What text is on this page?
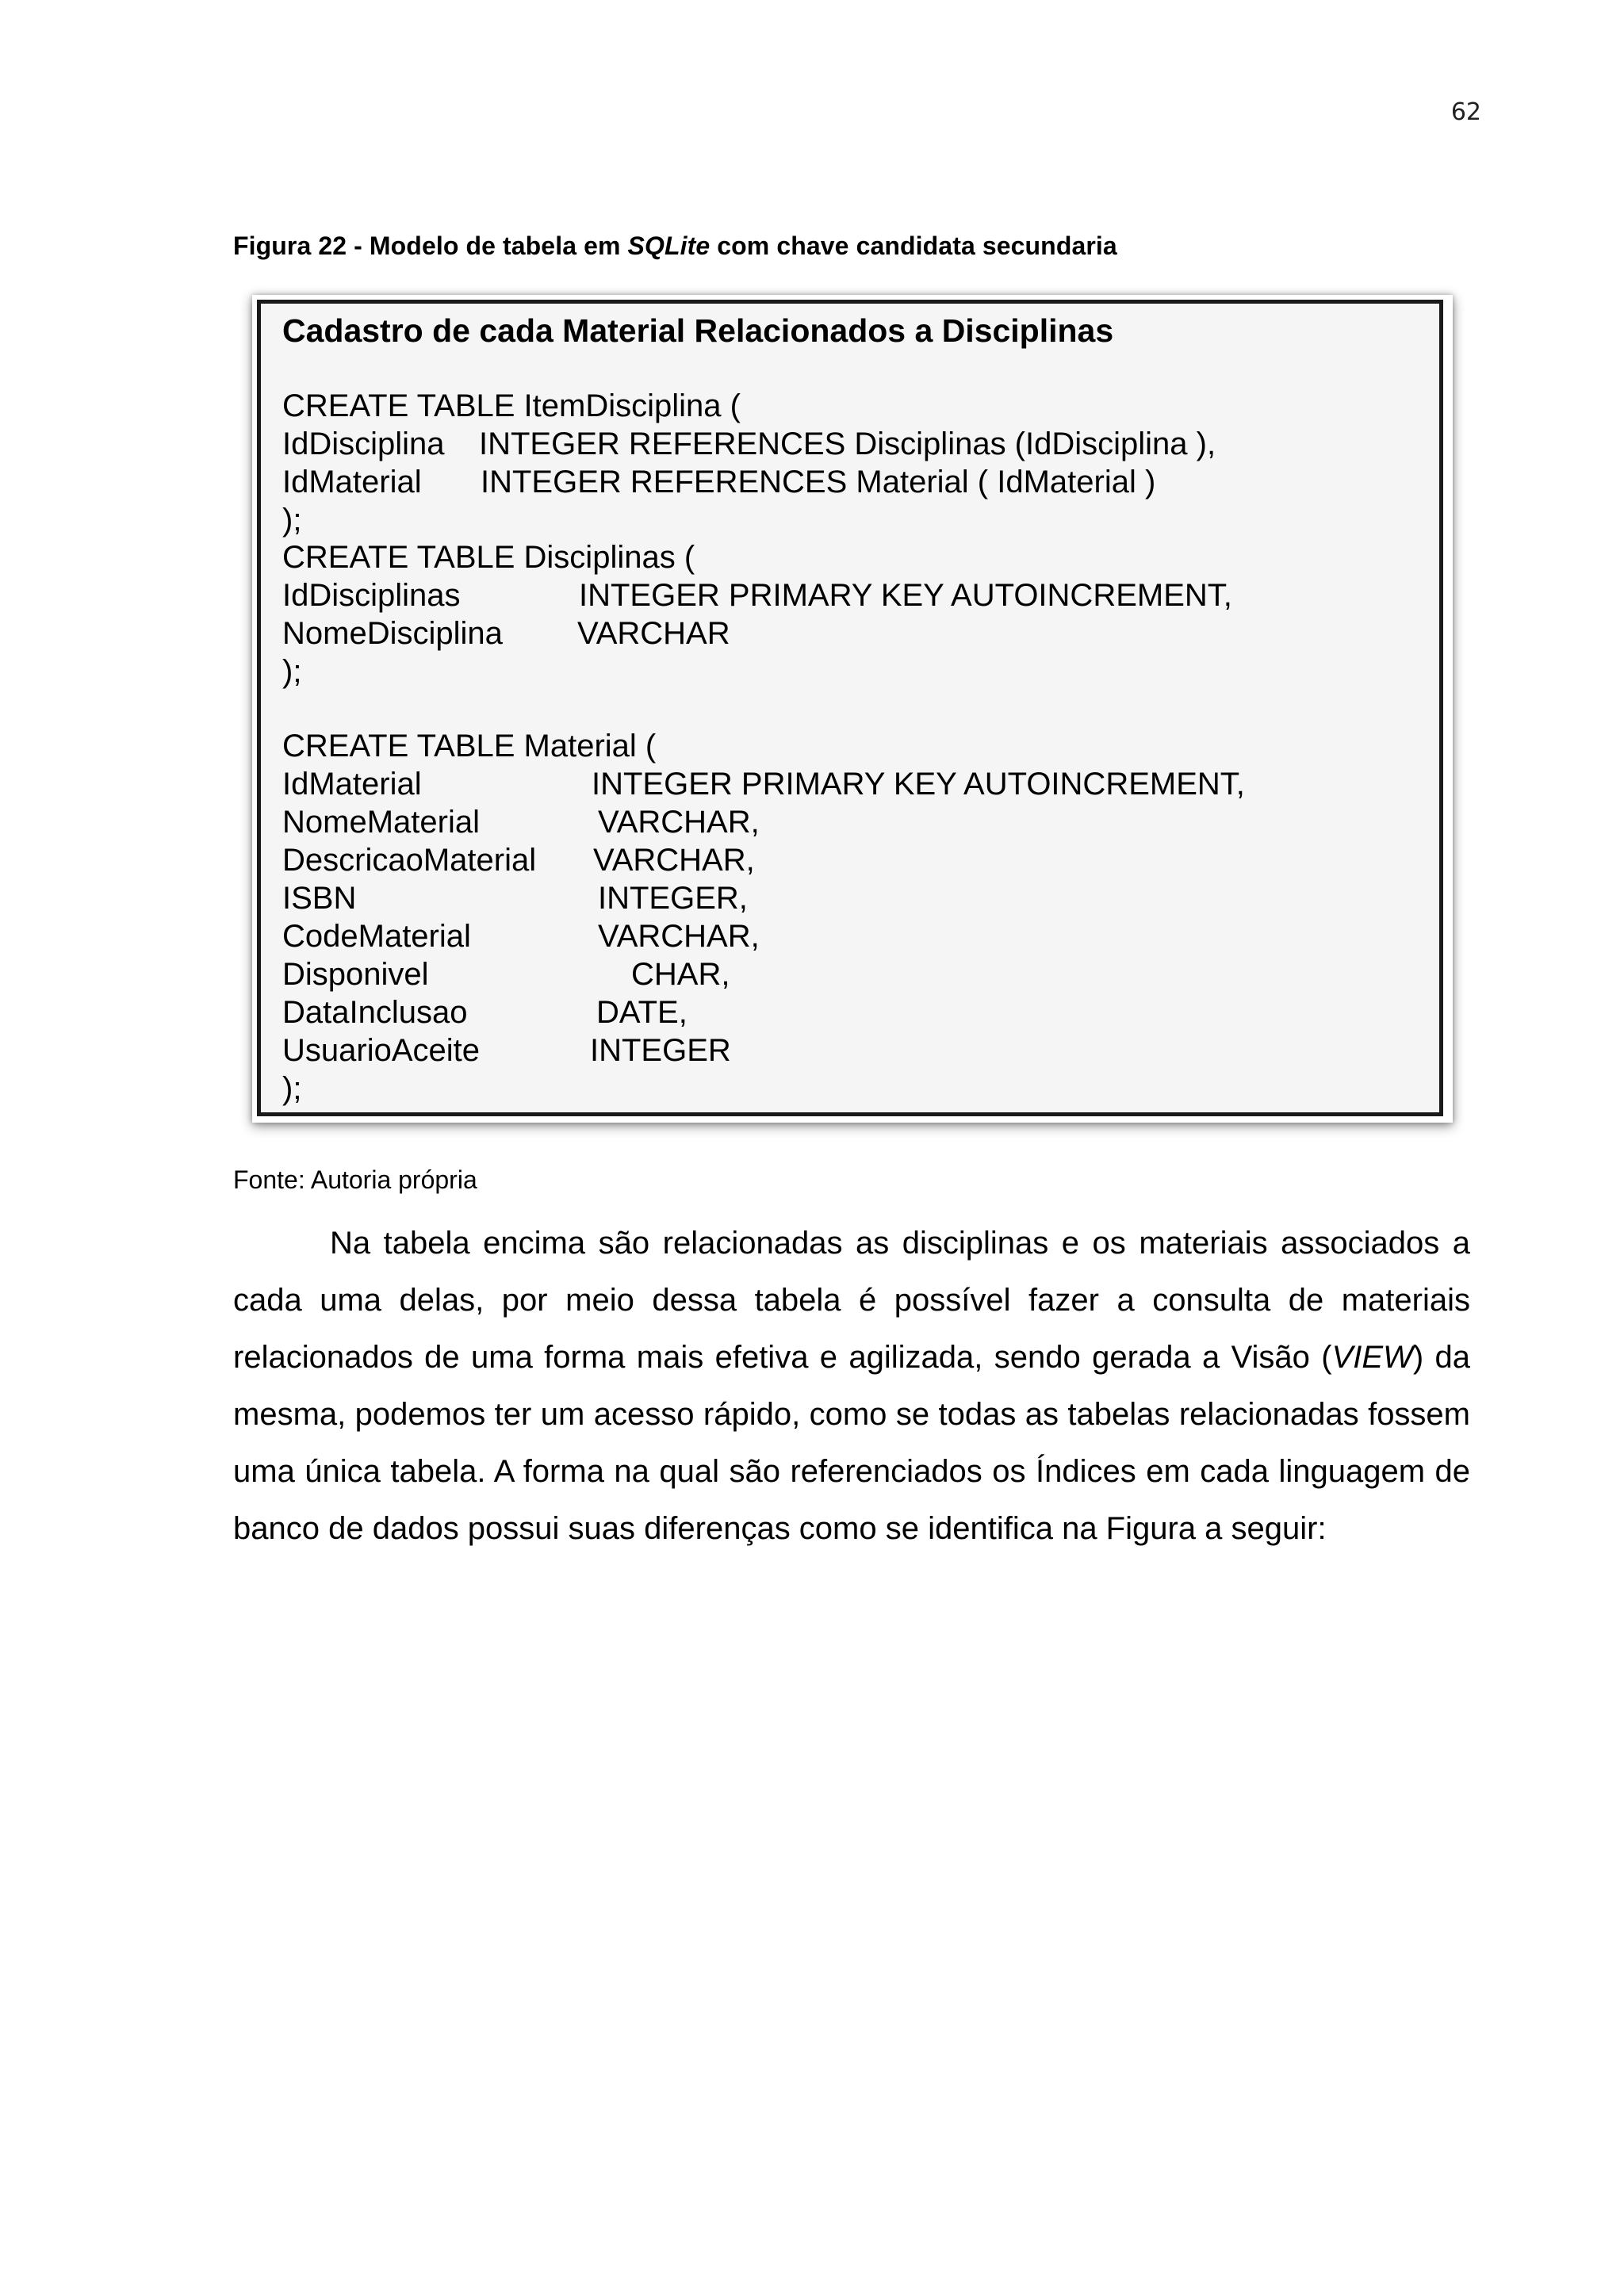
62
Figura 22 - Modelo de tabela em SQLite com chave candidata secundaria
Cadastro de cada Material Relacionados a Disciplinas
CREATE TABLE ItemDisciplina (
IdDisciplina INTEGER REFERENCES Disciplinas (IdDisciplina ),
IdMaterial INTEGER REFERENCES Material ( IdMaterial )
);
CREATE TABLE Disciplinas (
IdDisciplinas	INTEGER PRIMARY KEY AUTOINCREMENT,
NomeDisciplina VARCHAR
);
CREATE TABLE Material (
IdMaterial	INTEGER PRIMARY KEY AUTOINCREMENT,
NomeMaterial	VARCHAR,
DescricaoMaterial VARCHAR,
ISBN	INTEGER,
CodeMaterial	VARCHAR,
Disponivel	CHAR,
DataInclusao	DATE,
UsuarioAceite	INTEGER
);
Fonte: Autoria própria
Na tabela encima são relacionadas as disciplinas e os materiais associados a cada uma delas, por meio dessa tabela é possível fazer a consulta de materiais relacionados de uma forma mais efetiva e agilizada, sendo gerada a Visão (VIEW) da mesma, podemos ter um acesso rápido, como se todas as tabelas relacionadas fossem uma única tabela. A forma na qual são referenciados os Índices em cada linguagem de banco de dados possui suas diferenças como se identifica na Figura a seguir:
